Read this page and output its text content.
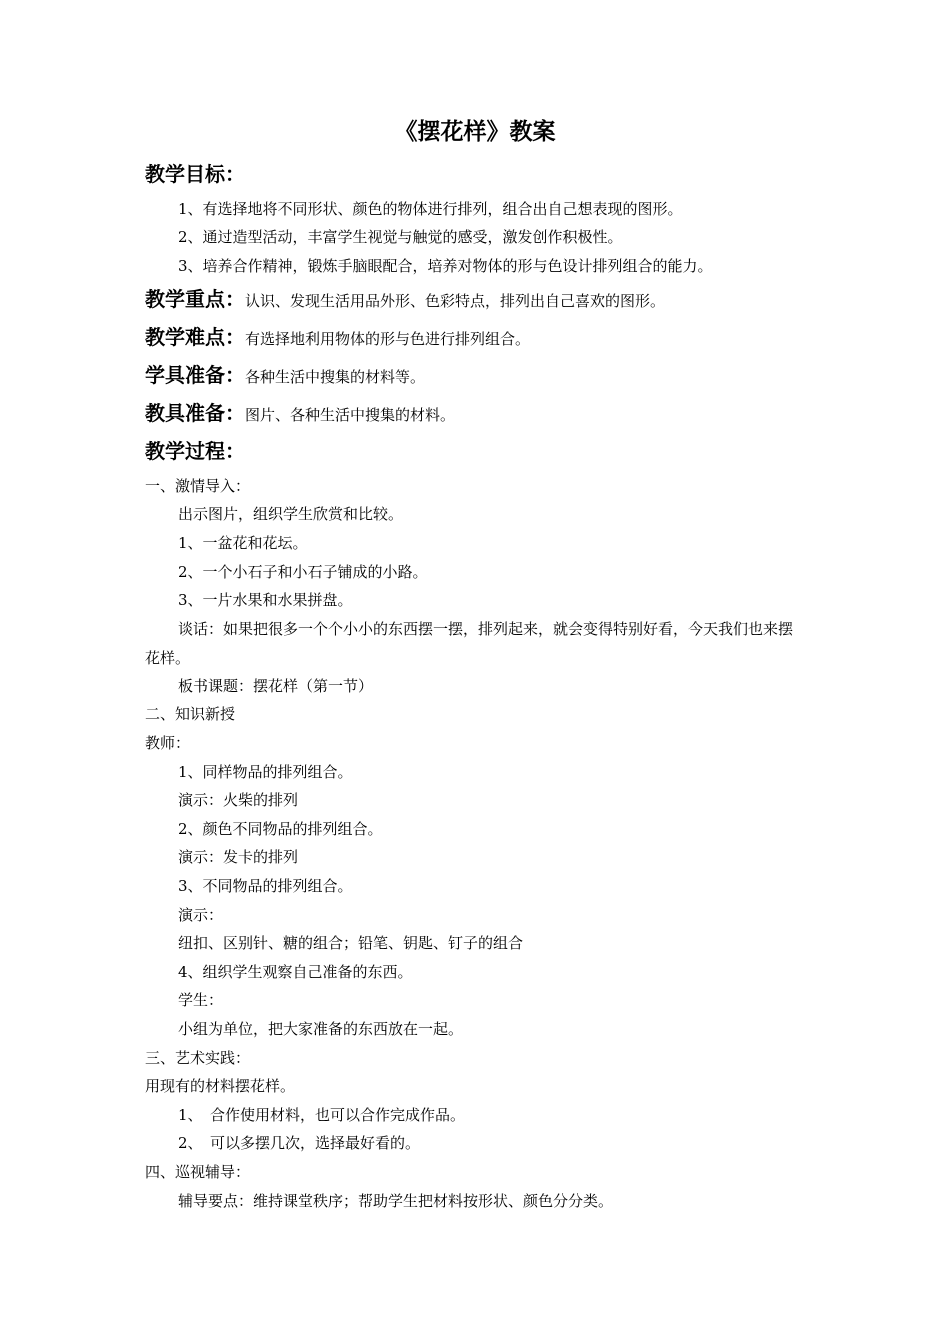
《摆花样》教案
教学目标：
1、有选择地将不同形状、颜色的物体进行排列，组合出自己想表现的图形。
2、通过造型活动，丰富学生视觉与触觉的感受，激发创作积极性。
3、培养合作精神，锻炼手脑眼配合，培养对物体的形与色设计排列组合的能力。
教学重点：认识、发现生活用品外形、色彩特点，排列出自己喜欢的图形。
教学难点：有选择地利用物体的形与色进行排列组合。
学具准备：各种生活中搜集的材料等。
教具准备：图片、各种生活中搜集的材料。
教学过程：
一、激情导入：
出示图片，组织学生欣赏和比较。
1、一盆花和花坛。
2、一个小石子和小石子铺成的小路。
3、一片水果和水果拼盘。
谈话：如果把很多一个个小小的东西摆一摆，排列起来，就会变得特别好看，今天我们也来摆花样。
板书课题：摆花样（第一节）
二、知识新授
教师：
1、同样物品的排列组合。
演示：火柴的排列
2、颜色不同物品的排列组合。
演示：发卡的排列
3、不同物品的排列组合。
演示：
纽扣、区别针、糖的组合；铅笔、钥匙、钉子的组合
4、组织学生观察自己准备的东西。
学生：
小组为单位，把大家准备的东西放在一起。
三、艺术实践：
用现有的材料摆花样。
1、　合作使用材料，也可以合作完成作品。
2、　可以多摆几次，选择最好看的。
四、巡视辅导：
辅导要点：维持课堂秩序；帮助学生把材料按形状、颜色分分类。
